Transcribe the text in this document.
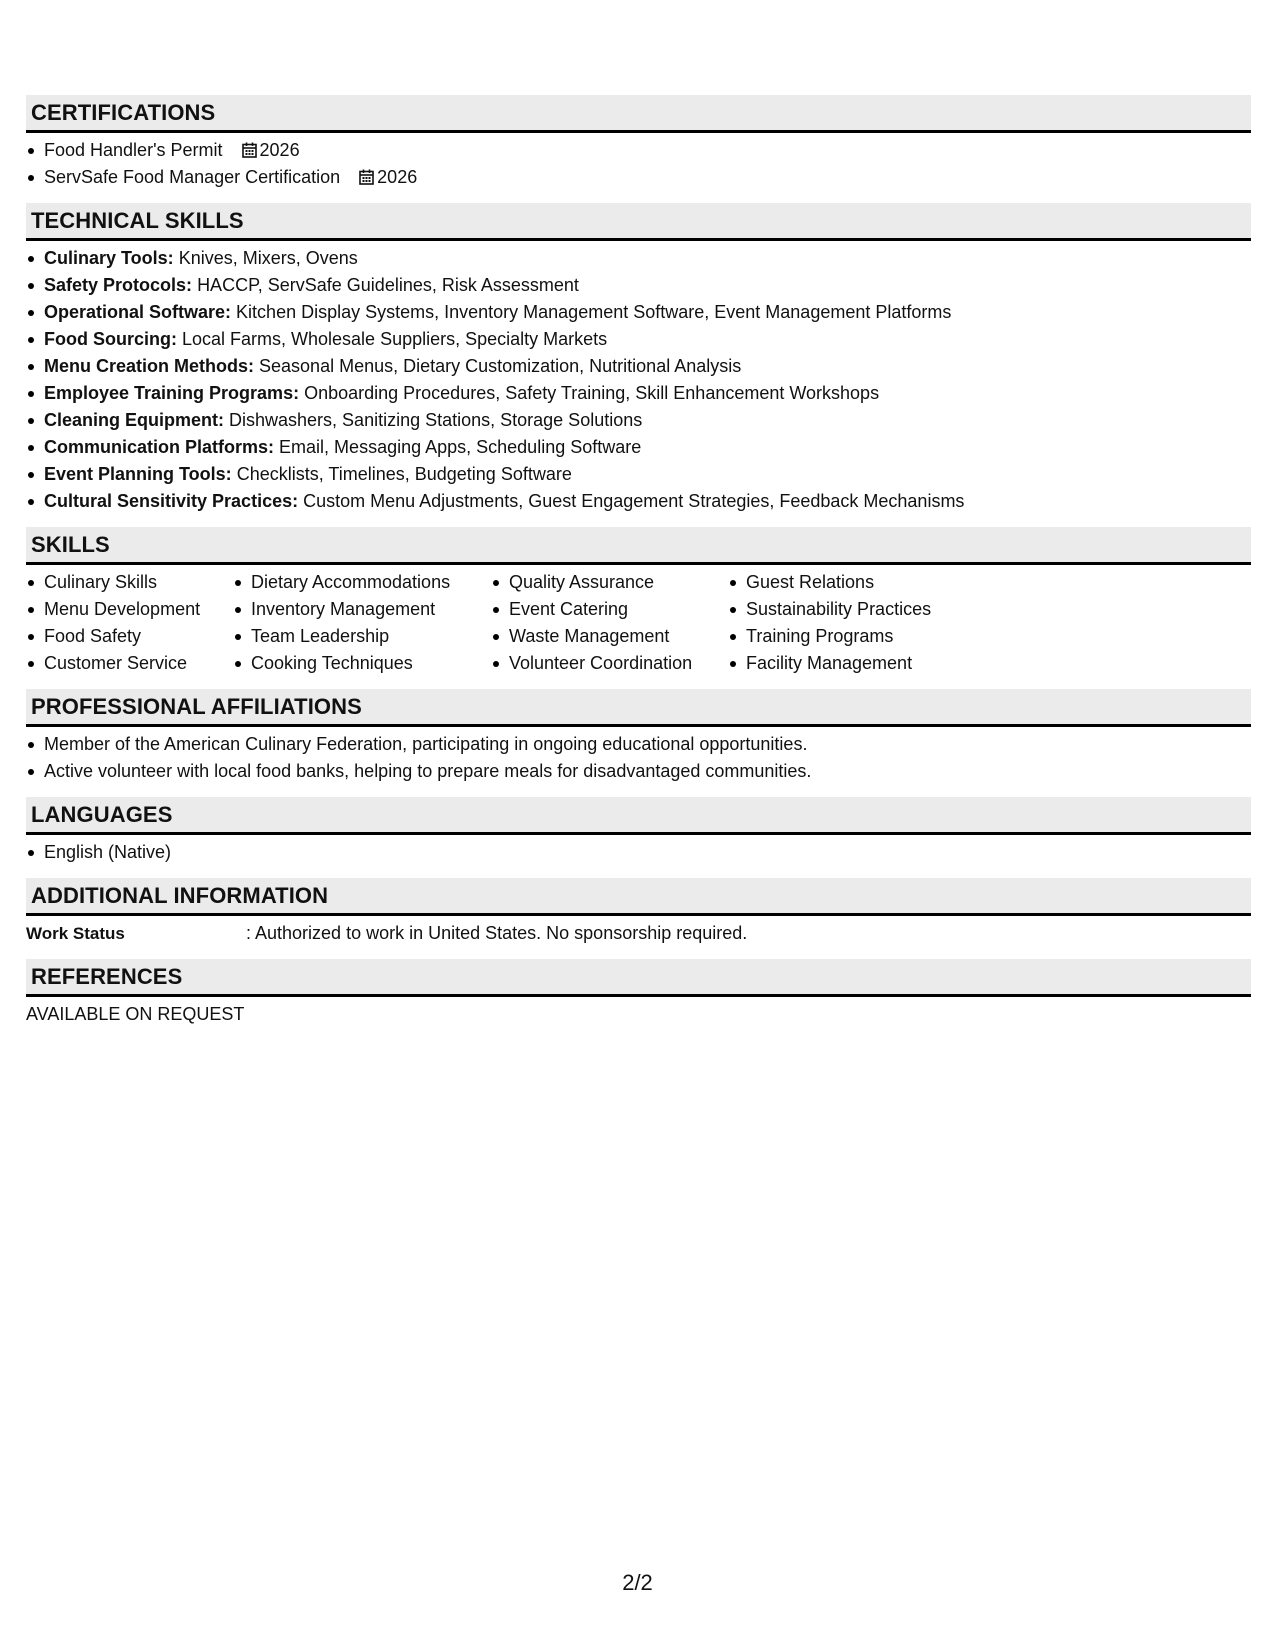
CERTIFICATIONS
Food Handler's Permit 2026
ServSafe Food Manager Certification 2026
TECHNICAL SKILLS
Culinary Tools: Knives, Mixers, Ovens
Safety Protocols: HACCP, ServSafe Guidelines, Risk Assessment
Operational Software: Kitchen Display Systems, Inventory Management Software, Event Management Platforms
Food Sourcing: Local Farms, Wholesale Suppliers, Specialty Markets
Menu Creation Methods: Seasonal Menus, Dietary Customization, Nutritional Analysis
Employee Training Programs: Onboarding Procedures, Safety Training, Skill Enhancement Workshops
Cleaning Equipment: Dishwashers, Sanitizing Stations, Storage Solutions
Communication Platforms: Email, Messaging Apps, Scheduling Software
Event Planning Tools: Checklists, Timelines, Budgeting Software
Cultural Sensitivity Practices: Custom Menu Adjustments, Guest Engagement Strategies, Feedback Mechanisms
SKILLS
Culinary Skills
Menu Development
Food Safety
Customer Service
Dietary Accommodations
Inventory Management
Team Leadership
Cooking Techniques
Quality Assurance
Event Catering
Waste Management
Volunteer Coordination
Guest Relations
Sustainability Practices
Training Programs
Facility Management
PROFESSIONAL AFFILIATIONS
Member of the American Culinary Federation, participating in ongoing educational opportunities.
Active volunteer with local food banks, helping to prepare meals for disadvantaged communities.
LANGUAGES
English (Native)
ADDITIONAL INFORMATION
Work Status	: Authorized to work in United States. No sponsorship required.
REFERENCES
AVAILABLE ON REQUEST
2/2
